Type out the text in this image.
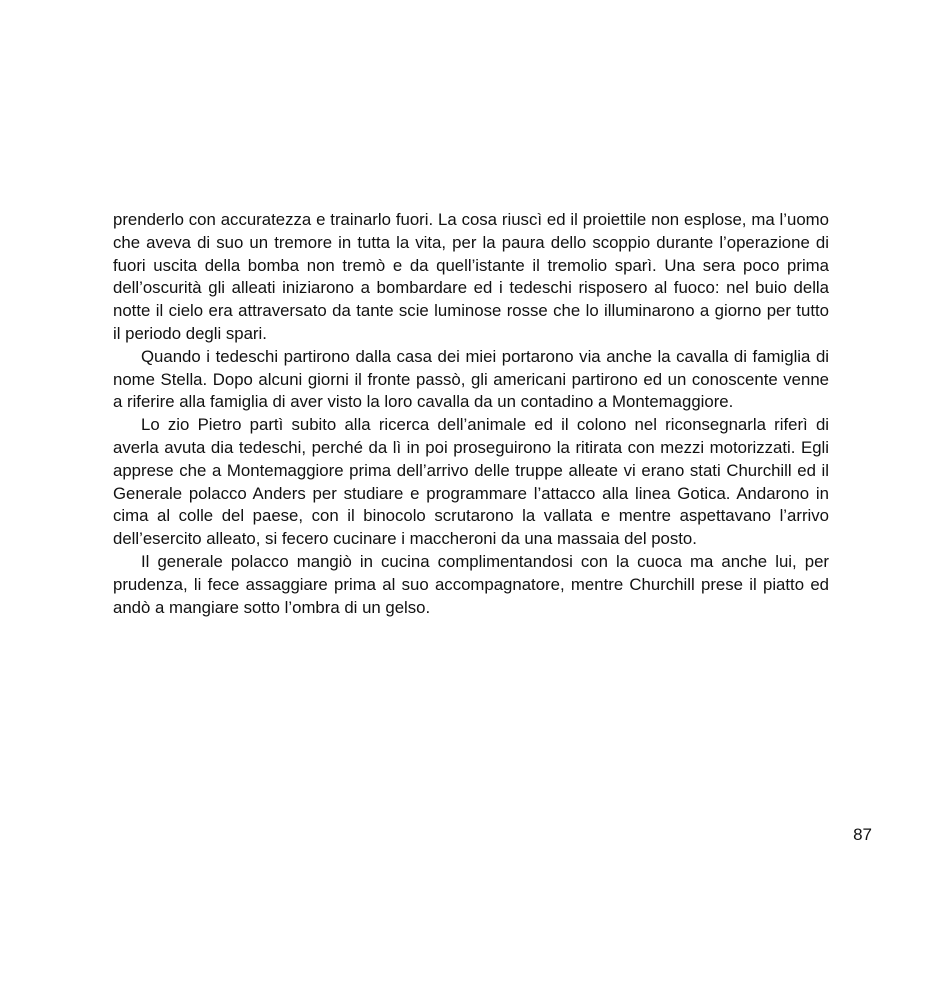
prenderlo con accuratezza e trainarlo fuori. La cosa riuscì ed il proiettile non esplose, ma l’uomo che aveva di suo un tremore in tutta la vita, per la paura dello scoppio durante l’operazione di fuori uscita della bomba non tremò e da quell’istante il tremolio sparì. Una sera poco prima dell’oscurità gli alleati iniziarono a bombardare ed i tedeschi risposero al fuoco: nel buio della notte il cielo era attraversato da tante scie luminose rosse che lo illuminarono a giorno per tutto il periodo degli spari.

Quando i tedeschi partirono dalla casa dei miei portarono via anche la cavalla di famiglia di nome Stella. Dopo alcuni giorni il fronte passò, gli americani partirono ed un conoscente venne a riferire alla famiglia di aver visto la loro cavalla da un contadino a Montemaggiore.

Lo zio Pietro partì subito alla ricerca dell’animale ed il colono nel riconsegnarla riferì di averla avuta dia tedeschi, perché da lì in poi proseguirono la ritirata con mezzi motorizzati. Egli apprese che a Montemaggiore prima dell’arrivo delle truppe alleate vi erano stati Churchill ed il Generale polacco Anders per studiare e programmare l’attacco alla linea Gotica. Andarono in cima al colle del paese, con il binocolo scrutarono la vallata e mentre aspettavano l’arrivo dell’esercito alleato, si fecero cucinare i maccheroni da una massaia del posto.

Il generale polacco mangiò in cucina complimentandosi con la cuoca ma anche lui, per prudenza, li fece assaggiare prima al suo accompagnatore, mentre Churchill prese il piatto ed andò a mangiare sotto l’ombra di un gelso.

87
